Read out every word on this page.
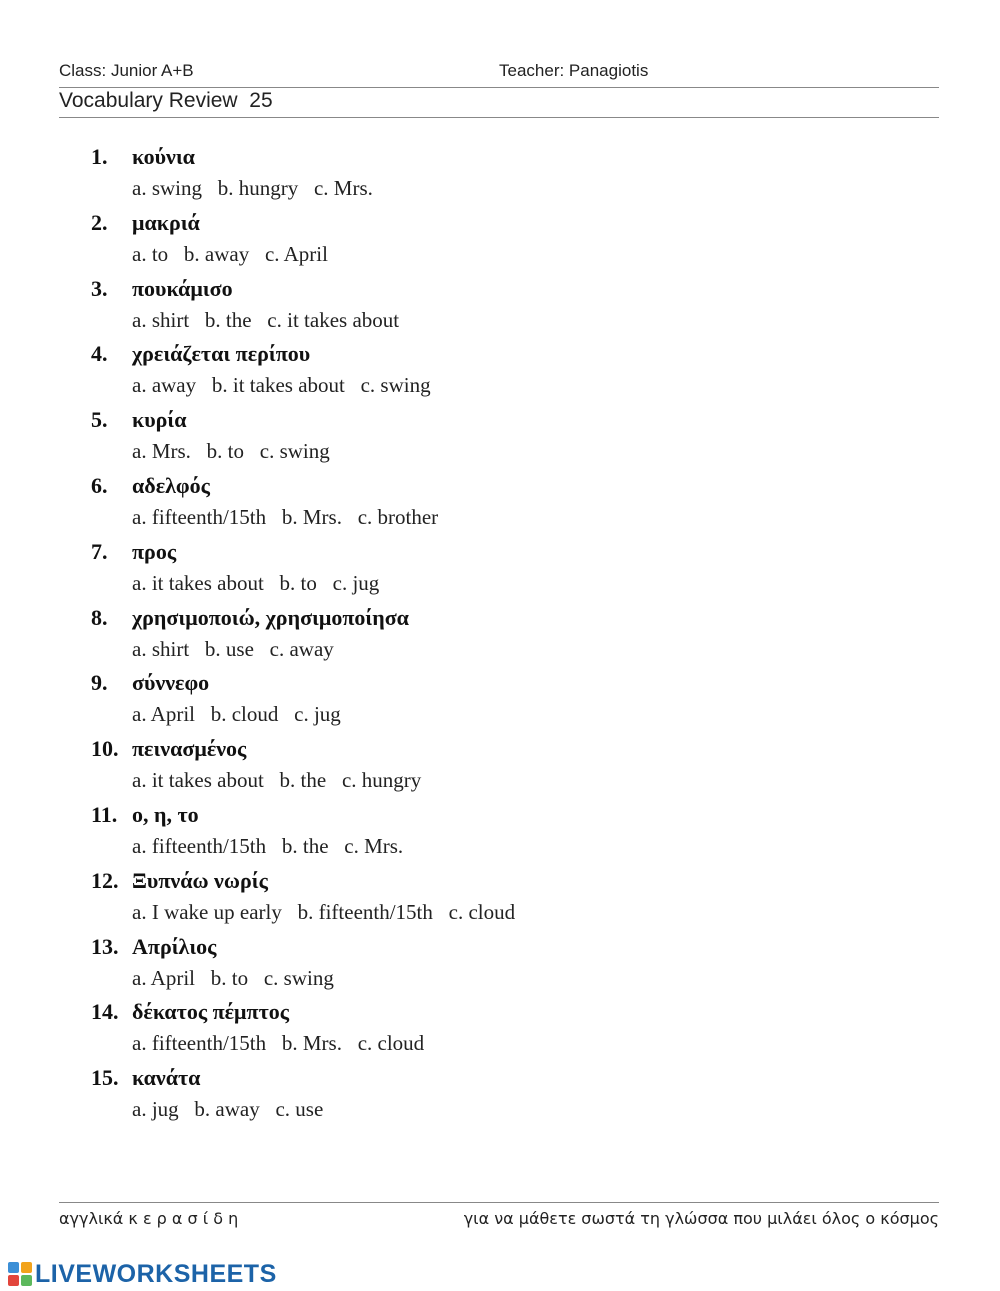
Class: Junior A+B	Teacher: Panagiotis
Vocabulary Review  25
1. κούνια
a. swing   b. hungry   c. Mrs.
2. μακριά
a. to   b. away   c. April
3. πουκάμισο
a. shirt   b. the   c. it takes about
4. χρειάζεται περίπου
a. away   b. it takes about   c. swing
5. κυρία
a. Mrs.   b. to   c. swing
6. αδελφός
a. fifteenth/15th   b. Mrs.   c. brother
7. προς
a. it takes about   b. to   c. jug
8. χρησιμοποιώ, χρησιμοποίησα
a. shirt   b. use   c. away
9. σύννεφο
a. April   b. cloud   c. jug
10. πεινασμένος
a. it takes about   b. the   c. hungry
11. ο, η, το
a. fifteenth/15th   b. the   c. Mrs.
12. Ξυπνάω νωρίς
a. I wake up early   b. fifteenth/15th   c. cloud
13. Απρίλιος
a. April   b. to   c. swing
14. δέκατος πέμπτος
a. fifteenth/15th   b. Mrs.   c. cloud
15. κανάτα
a. jug   b. away   c. use
αγγλικά κ ε ρ α σ ί δ η	για να μάθετε σωστά τη γλώσσα που μιλάει όλος ο κόσμος
LIVEWORKSHEETS
